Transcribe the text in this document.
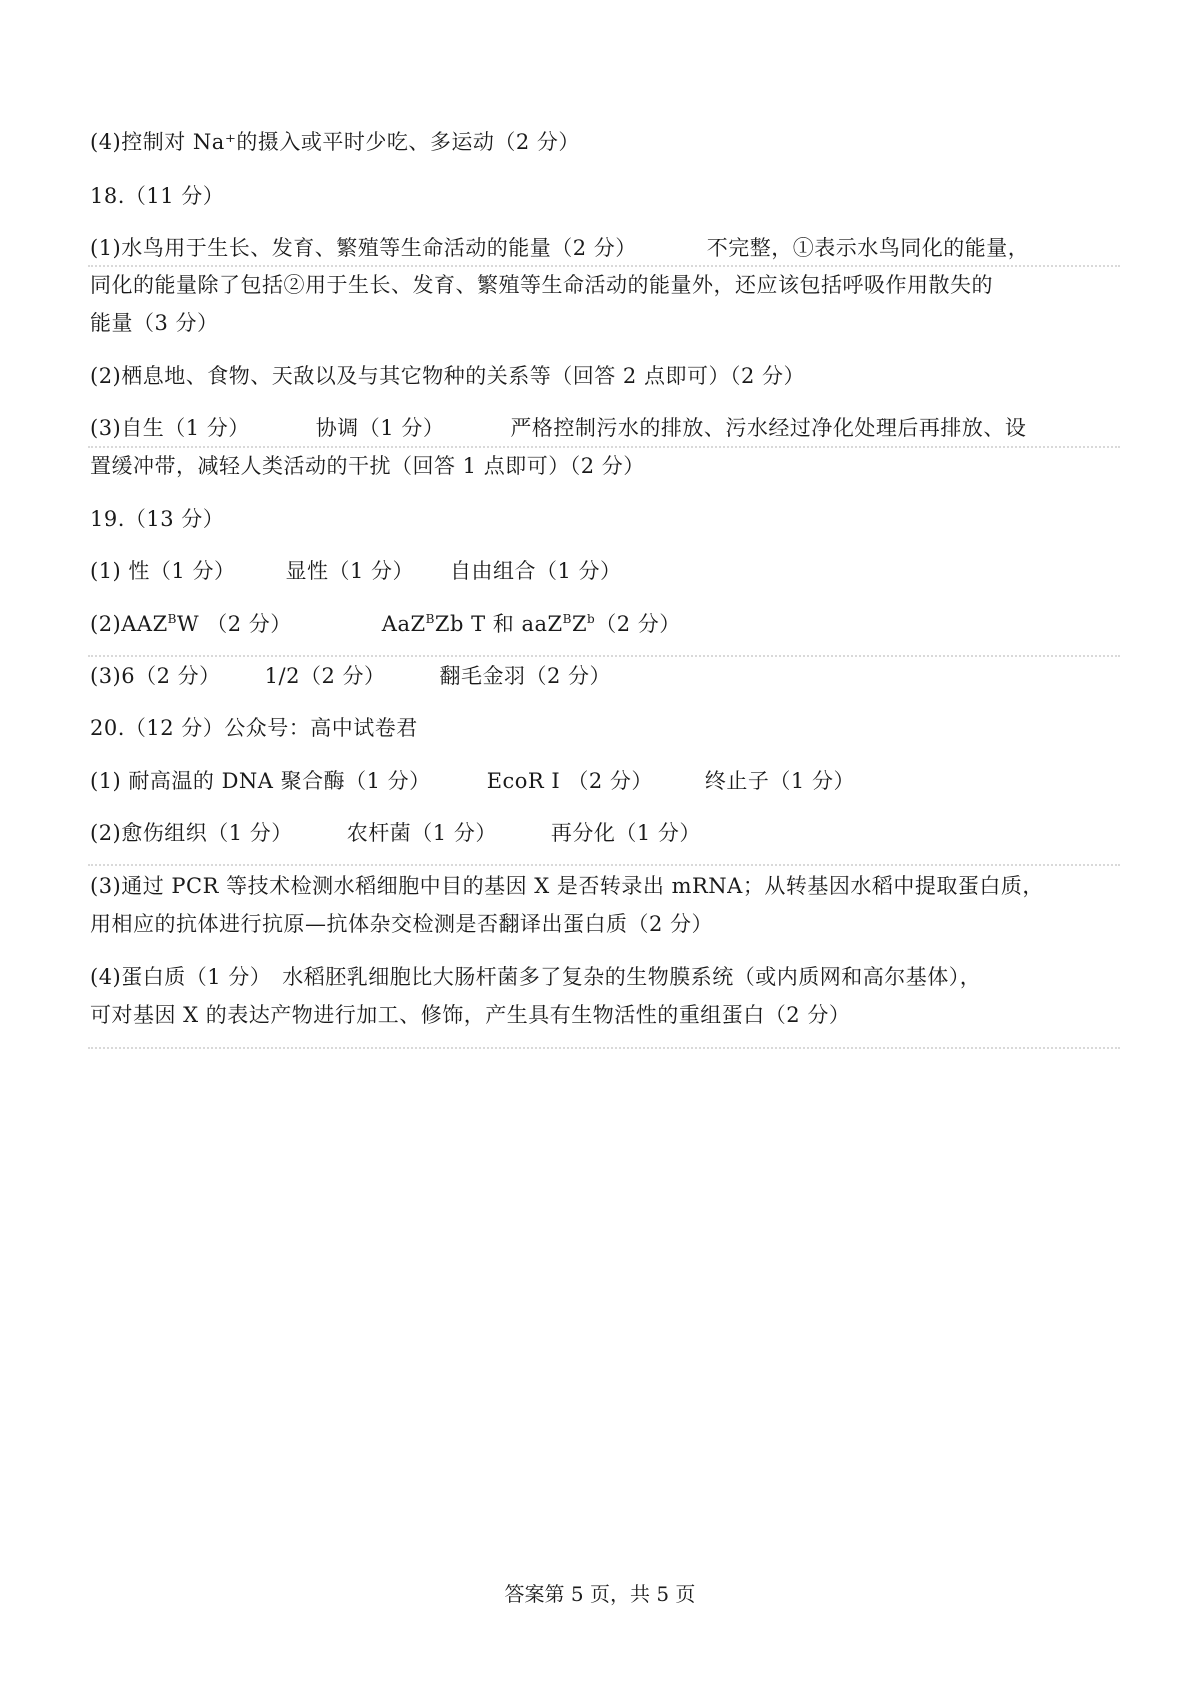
(4)控制对 Na⁺的摄入或平时少吃、多运动（2 分）
18.（11 分）
(1)水鸟用于生长、发育、繁殖等生命活动的能量（2 分）	不完整，①表示水鸟同化的能量，
同化的能量除了包括②用于生长、发育、繁殖等生命活动的能量外，还应该包括呼吸作用散失的
能量（3 分）
(2)栖息地、食物、天敌以及与其它物种的关系等（回答 2 点即可）（2 分）
(3)自生（1 分）	协调（1 分）	严格控制污水的排放、污水经过净化处理后再排放、设
置缓冲带，减轻人类活动的干扰（回答 1 点即可）（2 分）
19.（13 分）
(1) 性（1 分） 显性（1 分） 自由组合（1 分）
$(2)AAZ^BW$ （2 分）	AaZ$^B$Zb T 和 $aaZ^BZ^b(2$ 分）
(3)6（2 分） 1/2（2 分）	翻毛金羽（2 分）
20.（12 分）公众号：高中试卷君
(1) 耐高温的 DNA 聚合酶（1 分）	EcoR I （2 分） 终止子（1 分）
(2)愈伤组织（1 分）	农杆菌（1 分）	再分化（1 分）
(3)通过 PCR 等技术检测水稻细胞中目的基因 X 是否转录出 mRNA；从转基因水稻中提取蛋白质，
用相应的抗体进行抗原—抗体杂交检测是否翻译出蛋白质（2 分）
(4)蛋白质（1 分）　水稻胚乳细胞比大肠杆菌多了复杂的生物膜系统（或内质网和高尔基体），
可对基因 X 的表达产物进行加工、修饰，产生具有生物活性的重组蛋白（2 分）
答案第 5 页，共 5 页
